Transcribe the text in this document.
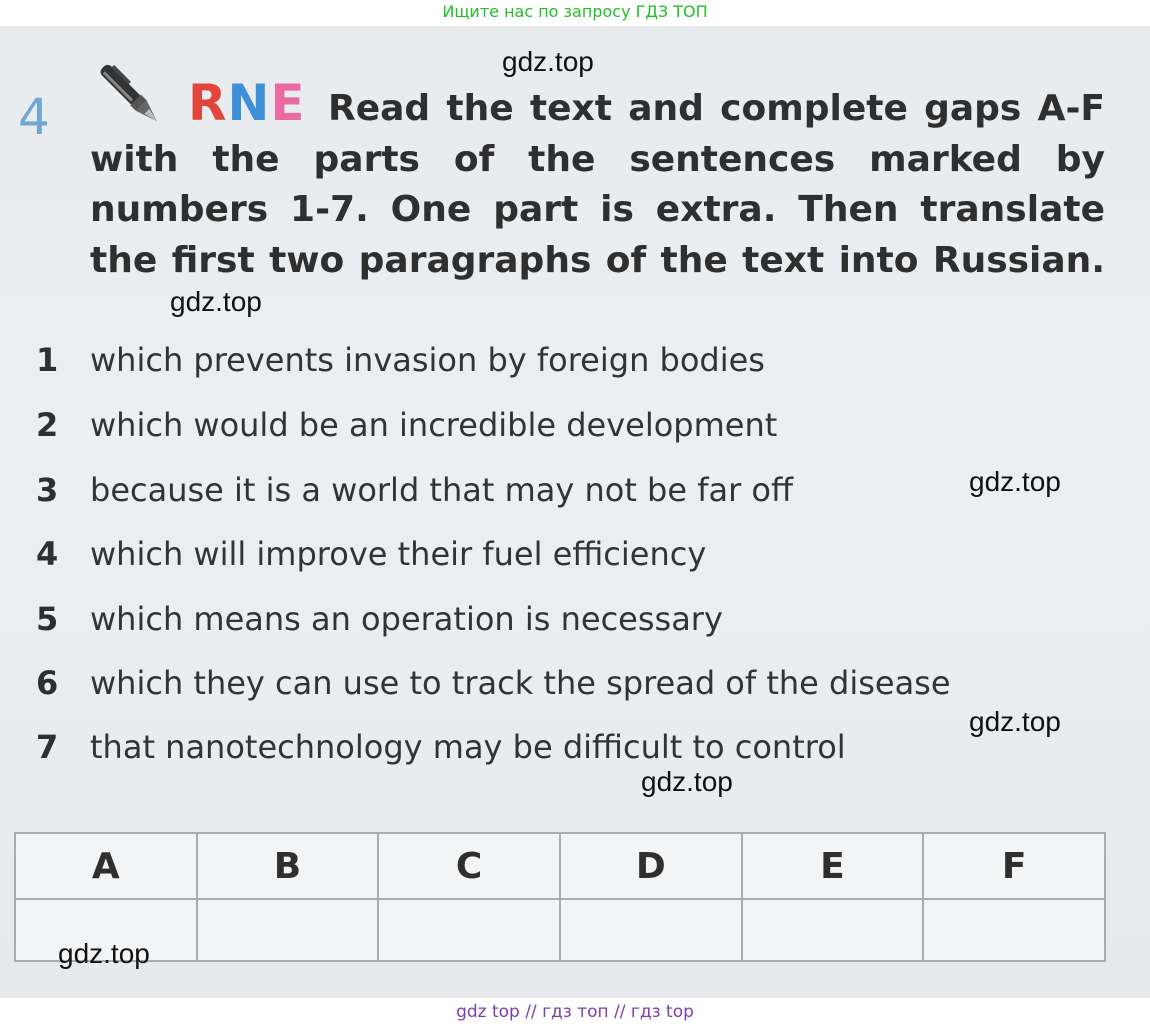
Ищите нас по запросу ГДЗ ТОП
4	RNE Read the text and complete gaps A-F with the parts of the sentences marked by numbers 1-7. One part is extra. Then translate the first two paragraphs of the text into Russian.

1 which prevents invasion by foreign bodies
2 which would be an incredible development
3 because it is a world that may not be far off
4 which will improve their fuel efficiency
5 which means an operation is necessary
6 which they can use to track the spread of the disease
7 that nanotechnology may be difficult to control
A	B	C	D	E	F

gdz.top
gdz.top
gdz.top
gdz.top
gdz.top
gdz.top
gdz top // гдз топ // гдз top
